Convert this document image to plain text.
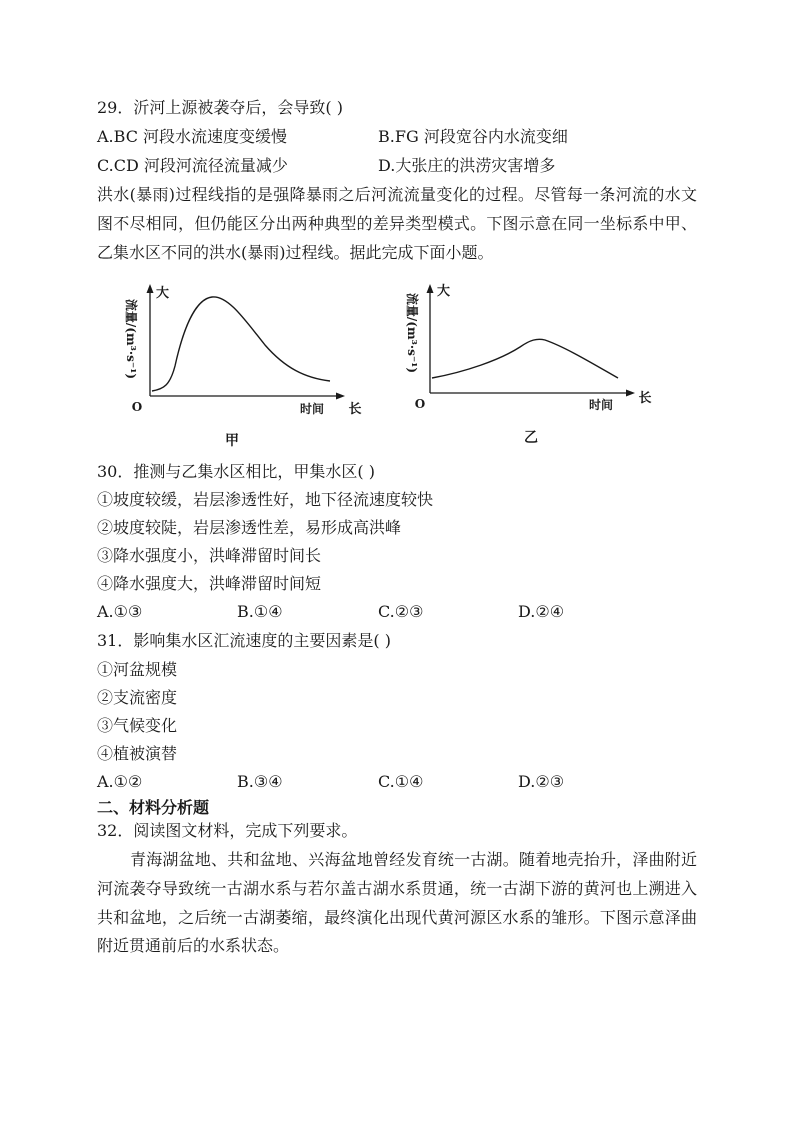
29．沂河上源被袭夺后，会导致( )
A.BC 河段水流速度变缓慢	B.FG 河段宽谷内水流变细
C.CD 河段河流径流量减少	D.大张庄的洪涝灾害增多
洪水(暴雨)过程线指的是强降暴雨之后河流流量变化的过程。尽管每一条河流的水文
图不尽相同，但仍能区分出两种典型的差异类型模式。下图示意在同一坐标系中甲、
乙集水区不同的洪水(暴雨)过程线。据此完成下面小题。
大
流量/(m³·s⁻¹)
O	时间 长
甲
大
流量/(m³·s⁻¹)
O	时间 长
乙
30．推测与乙集水区相比，甲集水区( )
①坡度较缓，岩层渗透性好，地下径流速度较快
②坡度较陡，岩层渗透性差，易形成高洪峰
③降水强度小，洪峰滞留时间长
④降水强度大，洪峰滞留时间短
A.①③	B.①④	C.②③	D.②④
31．影响集水区汇流速度的主要因素是( )
①河盆规模
②支流密度
③气候变化
④植被演替
A.①②	B.③④	C.①④	D.②③
二、材料分析题
32．阅读图文材料，完成下列要求。
青海湖盆地、共和盆地、兴海盆地曾经发育统一古湖。随着地壳抬升，泽曲附近
河流袭夺导致统一古湖水系与若尔盖古湖水系贯通，统一古湖下游的黄河也上溯进入
共和盆地，之后统一古湖萎缩，最终演化出现代黄河源区水系的雏形。下图示意泽曲
附近贯通前后的水系状态。
